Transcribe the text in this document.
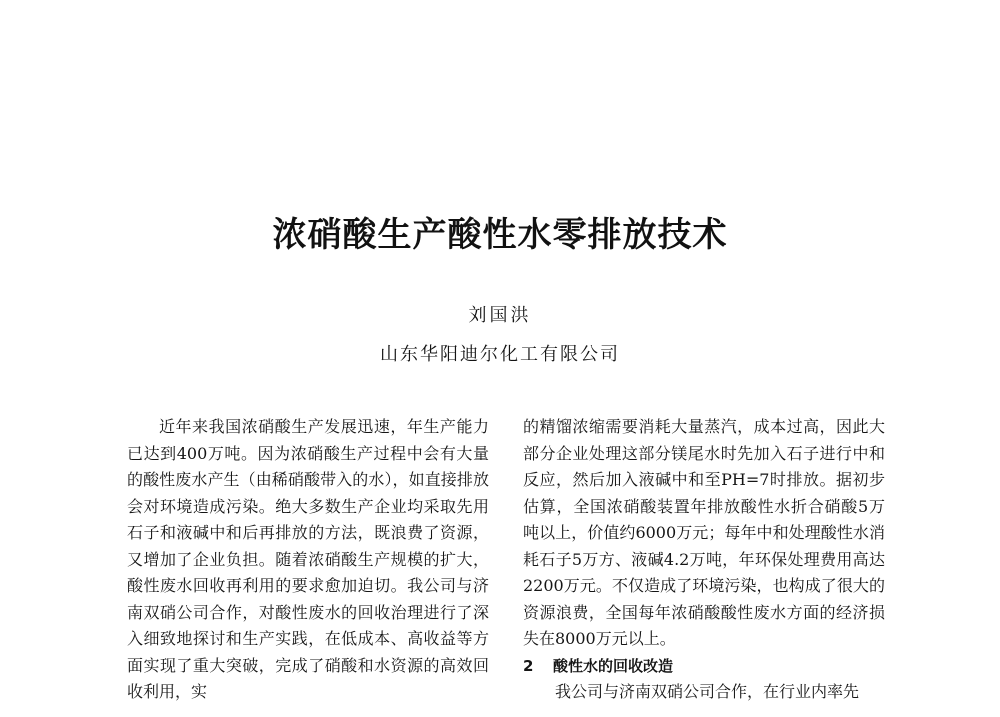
浓硝酸生产酸性水零排放技术
刘国洪
山东华阳迪尔化工有限公司

近年来我国浓硝酸生产发展迅速，年生产能力已达到400万吨。因为浓硝酸生产过程中会有大量的酸性废水产生（由稀硝酸带入的水），如直接排放会对环境造成污染。绝大多数生产企业均采取先用石子和液碱中和后再排放的方法，既浪费了资源，又增加了企业负担。随着浓硝酸生产规模的扩大，酸性废水回收再利用的要求愈加迫切。我公司与济南双硝公司合作，对酸性废水的回收治理进行了深入细致地探讨和生产实践，在低成本、高收益等方面实现了重大突破，完成了硝酸和水资源的高效回收利用，实

的精馏浓缩需要消耗大量蒸汽，成本过高，因此大部分企业处理这部分镁尾水时先加入石子进行中和反应，然后加入液碱中和至PH=7时排放。据初步估算，全国浓硝酸装置年排放酸性水折合硝酸5万吨以上，价值约6000万元；每年中和处理酸性水消耗石子5万方、液碱4.2万吨，年环保处理费用高达2200万元。不仅造成了环境污染，也构成了很大的资源浪费，全国每年浓硝酸酸性废水方面的经济损失在8000万元以上。

2 酸性水的回收改造

我公司与济南双硝公司合作，在行业内率先
